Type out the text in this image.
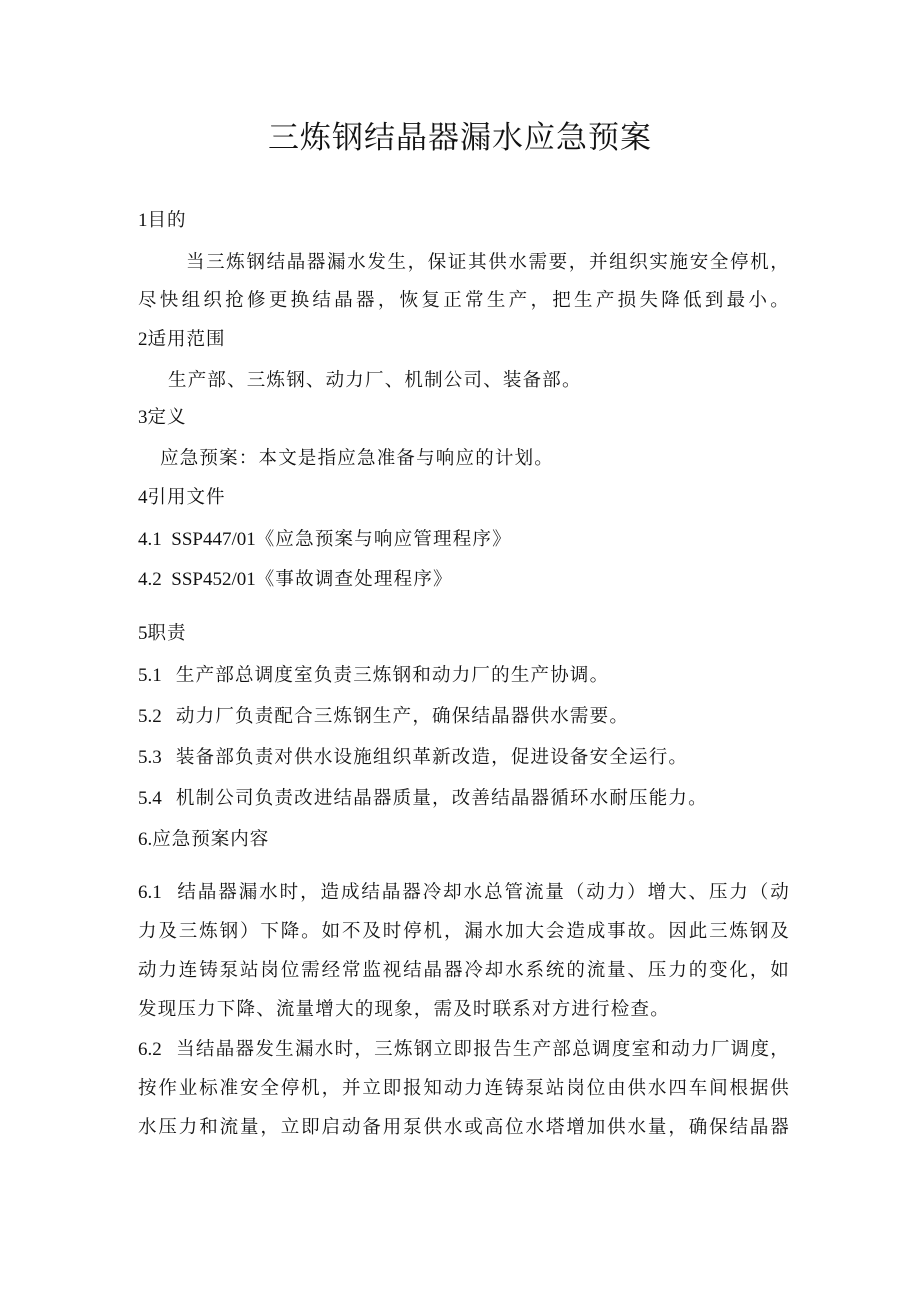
三炼钢结晶器漏水应急预案
1目的
当三炼钢结晶器漏水发生，保证其供水需要，并组织实施安全停机，
尽快组织抢修更换结晶器，恢复正常生产，把生产损失降低到最小。
2适用范围
生产部、三炼钢、动力厂、机制公司、装备部。
3定义
应急预案：本文是指应急准备与响应的计划。
4引用文件
4.1  SSP447/01《应急预案与响应管理程序》
4.2  SSP452/01《事故调查处理程序》
5职责
5.1 生产部总调度室负责三炼钢和动力厂的生产协调。
5.2 动力厂负责配合三炼钢生产，确保结晶器供水需要。
5.3 装备部负责对供水设施组织革新改造，促进设备安全运行。
5.4 机制公司负责改进结晶器质量，改善结晶器循环水耐压能力。
6.应急预案内容
6.1 结晶器漏水时，造成结晶器冷却水总管流量（动力）增大、压力（动
力及三炼钢）下降。如不及时停机，漏水加大会造成事故。因此三炼钢及
动力连铸泵站岗位需经常监视结晶器冷却水系统的流量、压力的变化，如
发现压力下降、流量增大的现象，需及时联系对方进行检查。
6.2 当结晶器发生漏水时，三炼钢立即报告生产部总调度室和动力厂调度，
按作业标准安全停机，并立即报知动力连铸泵站岗位由供水四车间根据供
水压力和流量，立即启动备用泵供水或高位水塔增加供水量，确保结晶器
